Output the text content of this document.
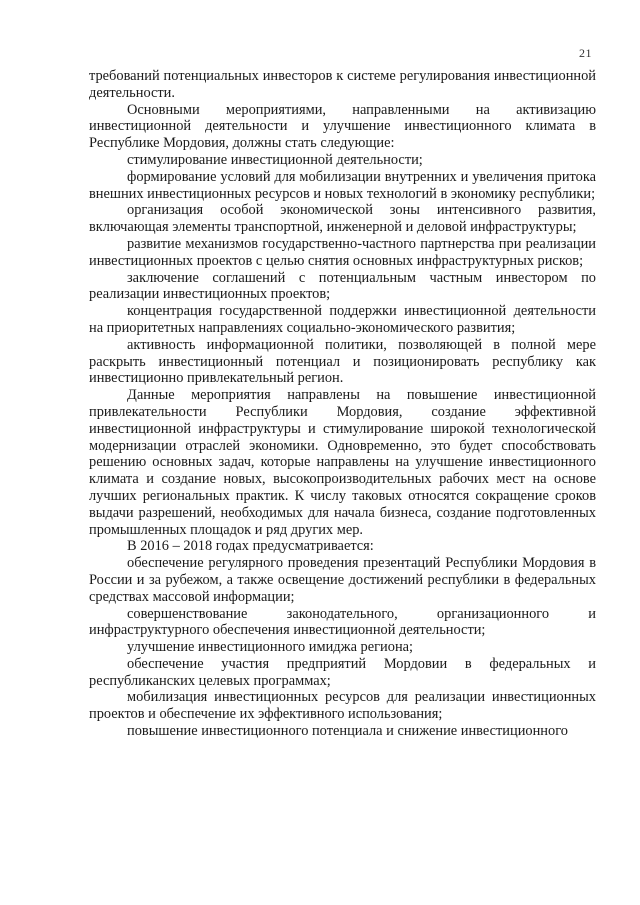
21

требований потенциальных инвесторов к системе регулирования инвестиционной деятельности.

Основными мероприятиями, направленными на активизацию инвестиционной деятельности и улучшение инвестиционного климата в Республике Мордовия, должны стать следующие:

стимулирование инвестиционной деятельности;

формирование условий для мобилизации внутренних и увеличения притока внешних инвестиционных ресурсов и новых технологий в экономику республики;

организация особой экономической зоны интенсивного развития, включающая элементы транспортной, инженерной и деловой инфраструктуры;

развитие механизмов государственно-частного партнерства при реализации инвестиционных проектов с целью снятия основных инфраструктурных рисков;

заключение соглашений с потенциальным частным инвестором по реализации инвестиционных проектов;

концентрация государственной поддержки инвестиционной деятельности на приоритетных направлениях социально-экономического развития;

активность информационной политики, позволяющей в полной мере раскрыть инвестиционный потенциал и позиционировать республику как инвестиционно привлекательный регион.

Данные мероприятия направлены на повышение инвестиционной привлекательности Республики Мордовия, создание эффективной инвестиционной инфраструктуры и стимулирование широкой технологической модернизации отраслей экономики. Одновременно, это будет способствовать решению основных задач, которые направлены на улучшение инвестиционного климата и создание новых, высокопроизводительных рабочих мест на основе лучших региональных практик. К числу таковых относятся сокращение сроков выдачи разрешений, необходимых для начала бизнеса, создание подготовленных промышленных площадок и ряд других мер.

В 2016 – 2018 годах предусматривается:

обеспечение регулярного проведения презентаций Республики Мордовия в России и за рубежом, а также освещение достижений республики в федеральных средствах массовой информации;

совершенствование законодательного, организационного и инфраструктурного обеспечения инвестиционной деятельности;

улучшение инвестиционного имиджа региона;

обеспечение участия предприятий Мордовии в федеральных и республиканских целевых программах;

мобилизация инвестиционных ресурсов для реализации инвестиционных проектов и обеспечение их эффективного использования;

повышение инвестиционного потенциала и снижение инвестиционного
